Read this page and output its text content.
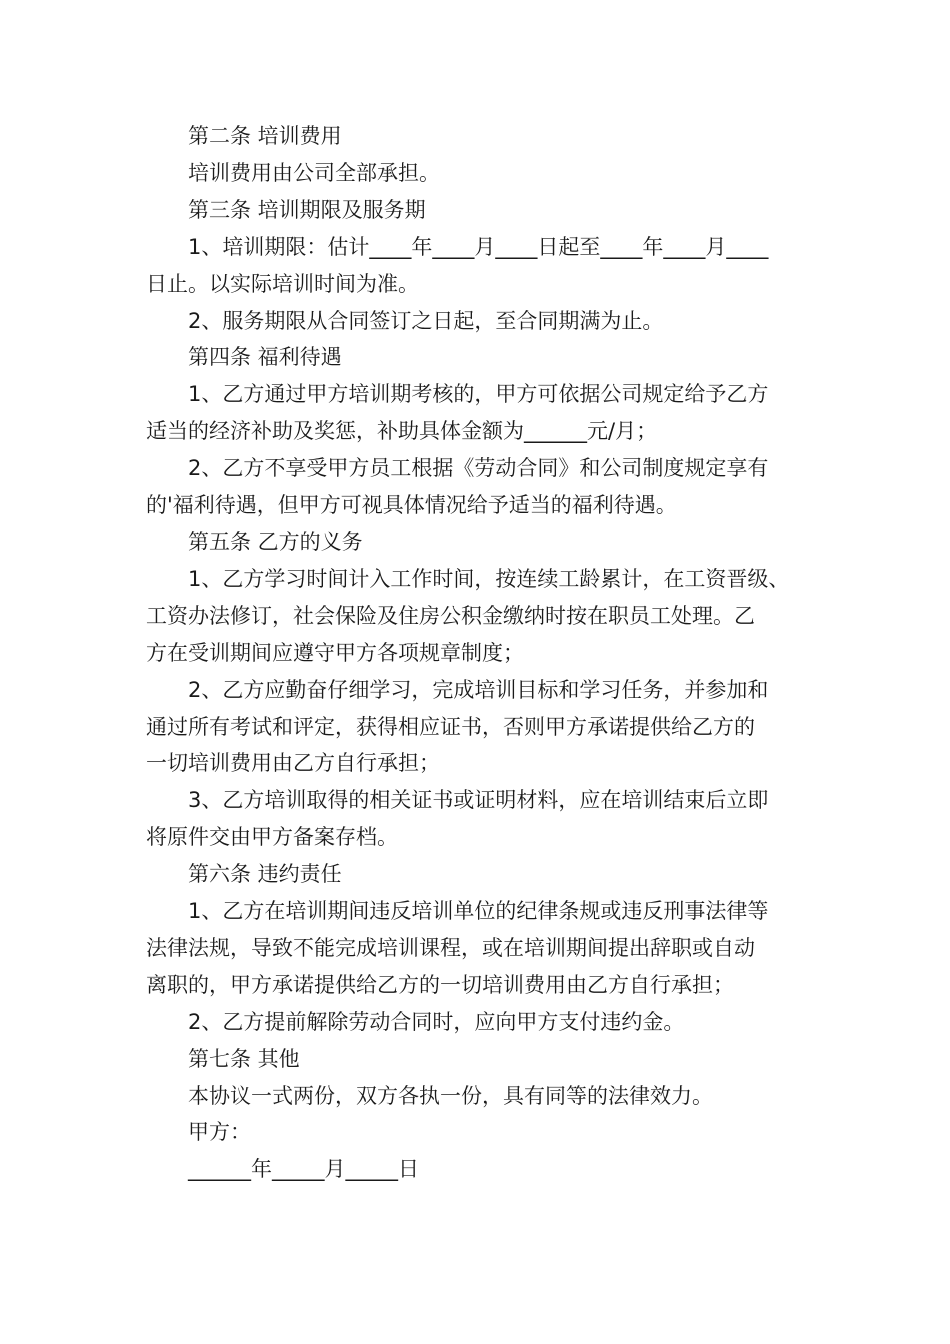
第二条 培训费用

培训费用由公司全部承担。

第三条 培训期限及服务期

1、培训期限：估计____年____月____日起至____年____月____

日止。以实际培训时间为准。

2、服务期限从合同签订之日起，至合同期满为止。

第四条 福利待遇

1、乙方通过甲方培训期考核的，甲方可依据公司规定给予乙方

适当的经济补助及奖惩，补助具体金额为______元/月；

2、乙方不享受甲方员工根据《劳动合同》和公司制度规定享有

的'福利待遇，但甲方可视具体情况给予适当的福利待遇。

第五条 乙方的义务

1、乙方学习时间计入工作时间，按连续工龄累计，在工资晋级、

工资办法修订，社会保险及住房公积金缴纳时按在职员工处理。乙

方在受训期间应遵守甲方各项规章制度；

2、乙方应勤奋仔细学习，完成培训目标和学习任务，并参加和

通过所有考试和评定，获得相应证书，否则甲方承诺提供给乙方的

一切培训费用由乙方自行承担；

3、乙方培训取得的相关证书或证明材料，应在培训结束后立即

将原件交由甲方备案存档。

第六条 违约责任

1、乙方在培训期间违反培训单位的纪律条规或违反刑事法律等

法律法规，导致不能完成培训课程，或在培训期间提出辞职或自动

离职的，甲方承诺提供给乙方的一切培训费用由乙方自行承担；

2、乙方提前解除劳动合同时，应向甲方支付违约金。

第七条 其他

本协议一式两份，双方各执一份，具有同等的法律效力。

甲方：

______年_____月_____日
